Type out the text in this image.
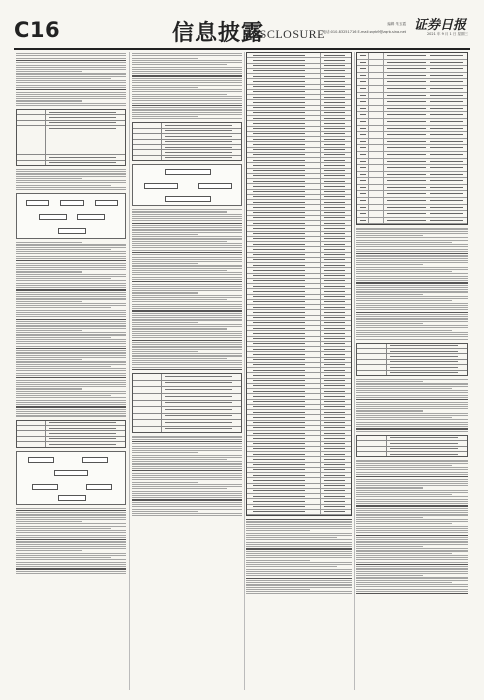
C16	信息披露
DISCLOSURE
编辑 朱玉霞
电话:010-83251716 E-mail:zqrb9@zqrb.sina.net 证券日报
2021 年 9 月 1 日 星期三
